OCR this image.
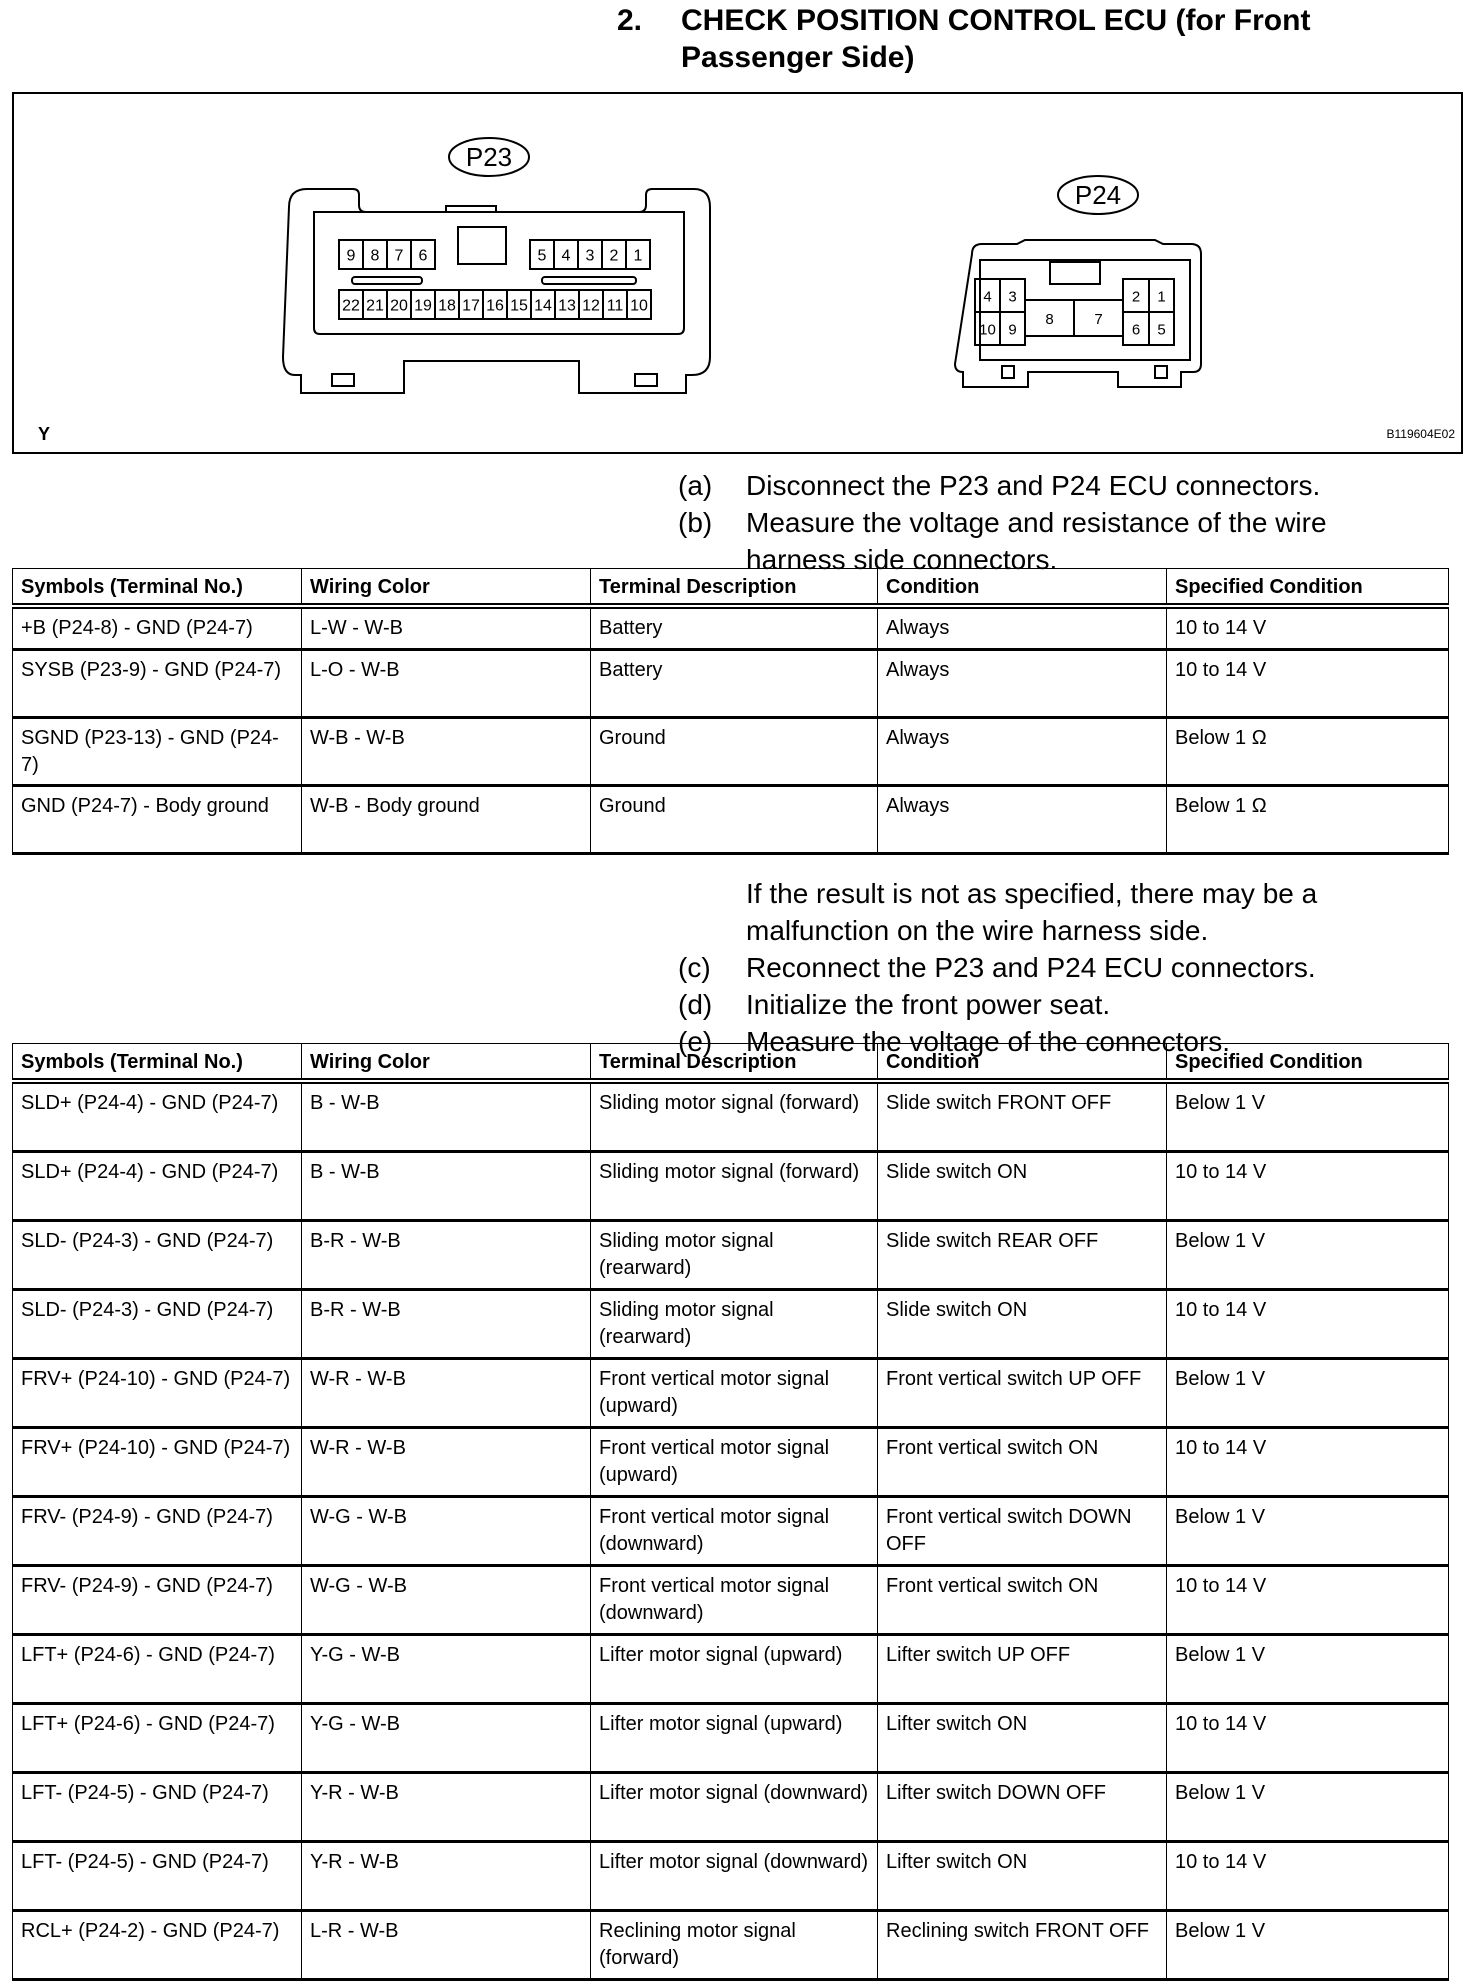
2. CHECK POSITION CONTROL ECU (for Front
Passenger Side)
P23
9 8 7 6	5 4 3 2 1
22 21 20 19 18 17 16 15 14 13 12 11 10
P24
4 3
10 9
8	7
2 1
6 5
Y	B119604E02
(a) Disconnect the P23 and P24 ECU connectors.
(b) Measure the voltage and resistance of the wire harness side connectors.
Symbols (Terminal No.)	Wiring Color	Terminal Description	Condition	Specified Condition
+B (P24-8) - GND (P24-7)	L-W - W-B	Battery	Always	10 to 14 V
SYSB (P23-9) - GND (P24-7)	L-O - W-B	Battery	Always	10 to 14 V
SGND (P23-13) - GND (P24-7)	W-B - W-B	Ground	Always	Below 1 Ω
GND (P24-7) - Body ground	W-B - Body ground	Ground	Always	Below 1 Ω
If the result is not as specified, there may be a malfunction on the wire harness side.
(c) Reconnect the P23 and P24 ECU connectors.
(d) Initialize the front power seat.
(e) Measure the voltage of the connectors.
Symbols (Terminal No.)	Wiring Color	Terminal Description	Condition	Specified Condition
SLD+ (P24-4) - GND (P24-7)	B - W-B	Sliding motor signal (forward)	Slide switch FRONT OFF	Below 1 V
SLD+ (P24-4) - GND (P24-7)	B - W-B	Sliding motor signal (forward)	Slide switch ON	10 to 14 V
SLD- (P24-3) - GND (P24-7)	B-R - W-B	Sliding motor signal (rearward)	Slide switch REAR OFF	Below 1 V
SLD- (P24-3) - GND (P24-7)	B-R - W-B	Sliding motor signal (rearward)	Slide switch ON	10 to 14 V
FRV+ (P24-10) - GND (P24-7)	W-R - W-B	Front vertical motor signal (upward)	Front vertical switch UP OFF	Below 1 V
FRV+ (P24-10) - GND (P24-7)	W-R - W-B	Front vertical motor signal (upward)	Front vertical switch ON	10 to 14 V
FRV- (P24-9) - GND (P24-7)	W-G - W-B	Front vertical motor signal (downward)	Front vertical switch DOWN OFF	Below 1 V
FRV- (P24-9) - GND (P24-7)	W-G - W-B	Front vertical motor signal (downward)	Front vertical switch ON	10 to 14 V
LFT+ (P24-6) - GND (P24-7)	Y-G - W-B	Lifter motor signal (upward)	Lifter switch UP OFF	Below 1 V
LFT+ (P24-6) - GND (P24-7)	Y-G - W-B	Lifter motor signal (upward)	Lifter switch ON	10 to 14 V
LFT- (P24-5) - GND (P24-7)	Y-R - W-B	Lifter motor signal (downward)	Lifter switch DOWN OFF	Below 1 V
LFT- (P24-5) - GND (P24-7)	Y-R - W-B	Lifter motor signal (downward)	Lifter switch ON	10 to 14 V
RCL+ (P24-2) - GND (P24-7)	L-R - W-B	Reclining motor signal (forward)	Reclining switch FRONT OFF	Below 1 V
